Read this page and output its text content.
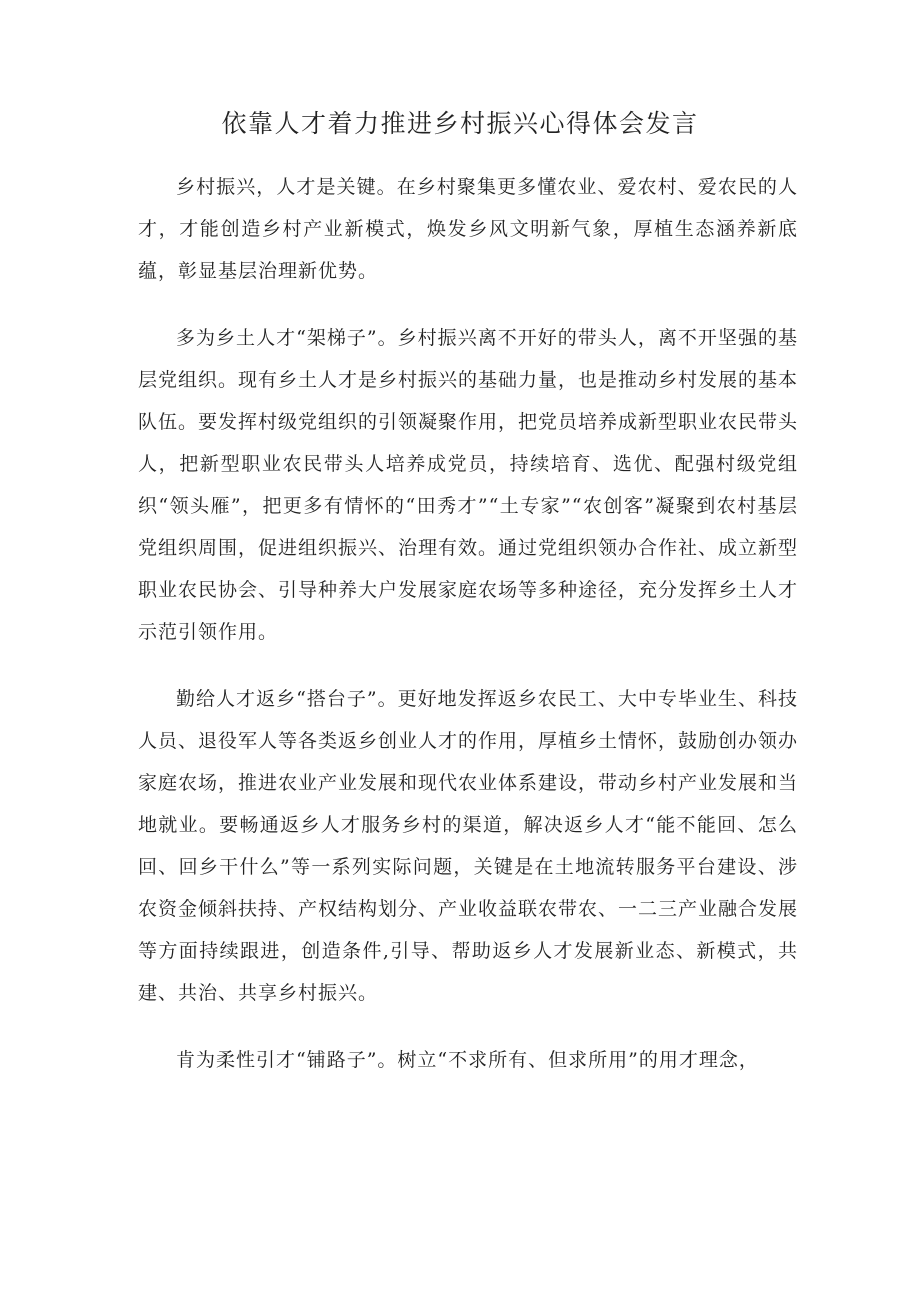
依靠人才着力推进乡村振兴心得体会发言

乡村振兴，人才是关键。在乡村聚集更多懂农业、爱农村、爱农民的人才，才能创造乡村产业新模式，焕发乡风文明新气象，厚植生态涵养新底蕴，彰显基层治理新优势。

多为乡土人才“架梯子”。乡村振兴离不开好的带头人，离不开坚强的基层党组织。现有乡土人才是乡村振兴的基础力量，也是推动乡村发展的基本队伍。要发挥村级党组织的引领凝聚作用，把党员培养成新型职业农民带头人，把新型职业农民带头人培养成党员，持续培育、选优、配强村级党组织“领头雁”，把更多有情怀的“田秀才”“土专家”“农创客”凝聚到农村基层党组织周围，促进组织振兴、治理有效。通过党组织领办合作社、成立新型职业农民协会、引导种养大户发展家庭农场等多种途径，充分发挥乡土人才示范引领作用。

勤给人才返乡“搭台子”。更好地发挥返乡农民工、大中专毕业生、科技人员、退役军人等各类返乡创业人才的作用，厚植乡土情怀，鼓励创办领办家庭农场，推进农业产业发展和现代农业体系建设，带动乡村产业发展和当地就业。要畅通返乡人才服务乡村的渠道，解决返乡人才“能不能回、怎么回、回乡干什么”等一系列实际问题，关键是在土地流转服务平台建设、涉农资金倾斜扶持、产权结构划分、产业收益联农带农、一二三产业融合发展等方面持续跟进，创造条件,引导、帮助返乡人才发展新业态、新模式，共建、共治、共享乡村振兴。

肯为柔性引才“铺路子”。树立“不求所有、但求所用”的用才理念，
